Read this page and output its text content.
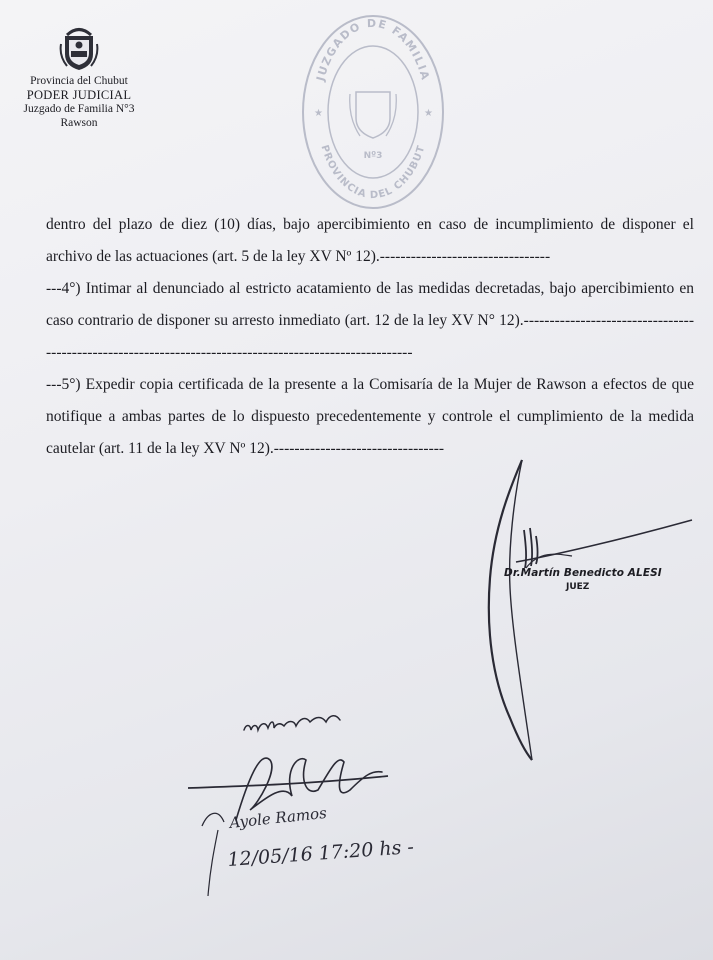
Provincia del Chubut
PODER JUDICIAL
Juzgado de Familia N°3
Rawson
JUZGADO DE FAMILIA
PROVINCIA DEL CHUBUT
Nº3
★	★

dentro del plazo de diez (10) días, bajo apercibimiento en caso de incumplimiento de disponer el archivo de las actuaciones (art. 5 de la ley XV Nº 12).---------------------------------

---4°) Intimar al denunciado al estricto acatamiento de las medidas decretadas, bajo apercibimiento en caso contrario de disponer su arresto inmediato (art. 12 de la ley XV N° 12).--------------------------------------------------------------------------------------------------------

---5°) Expedir copia certificada de la presente a la Comisaría de la Mujer de Rawson a efectos de que notifique a ambas partes de lo dispuesto precedentemente y controle el cumplimiento de la medida cautelar (art. 11 de la ley XV Nº 12).---------------------------------

Dr.Martín Benedicto ALESI
JUEZ
Ayole Ramos
12/05/16 17:20 hs -
